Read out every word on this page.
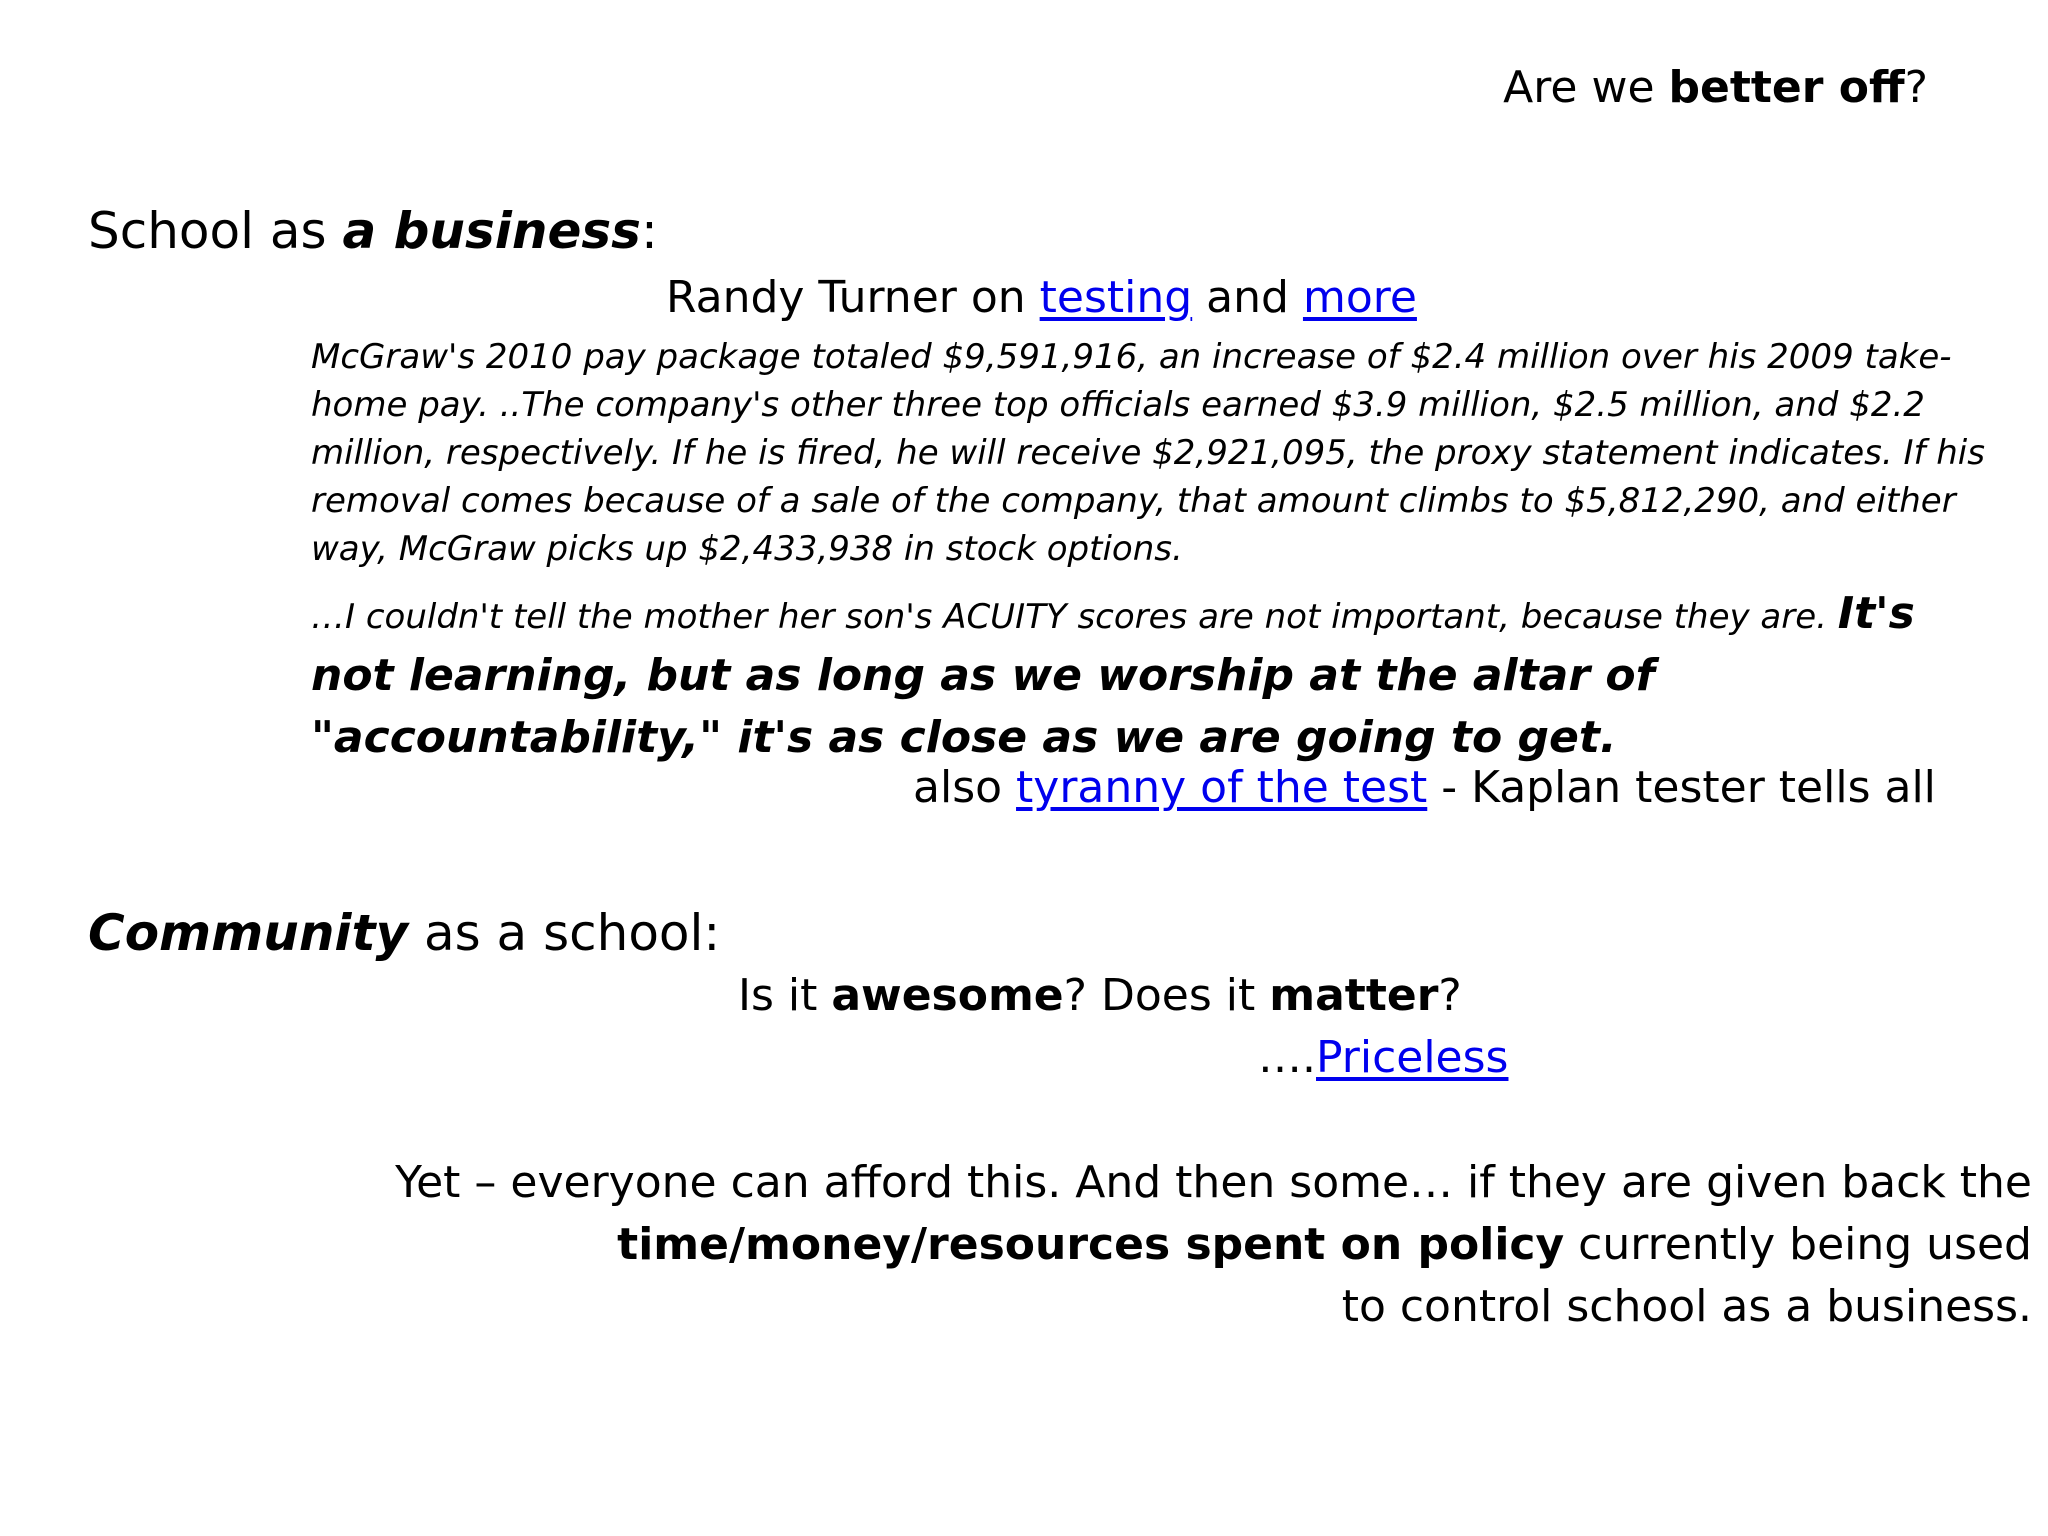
Are we better off?
School as a business:
Randy Turner on testing and more

McGraw's 2010 pay package totaled $9,591,916, an increase of $2.4 million over his 2009 take-home pay. ..The company's other three top officials earned $3.9 million, $2.5 million, and $2.2 million, respectively. If he is fired, he will receive $2,921,095, the proxy statement indicates. If his removal comes because of a sale of the company, that amount climbs to $5,812,290, and either way, McGraw picks up $2,433,938 in stock options.

…I couldn't tell the mother her son's ACUITY scores are not important, because they are. It's not learning, but as long as we worship at the altar of "accountability," it's as close as we are going to get.

also tyranny of the test - Kaplan tester tells all
Community as a school:
Is it awesome? Does it matter?
….Priceless
Yet – everyone can afford this. And then some… if they are given back the
time/money/resources spent on policy currently being used
to control school as a business.
